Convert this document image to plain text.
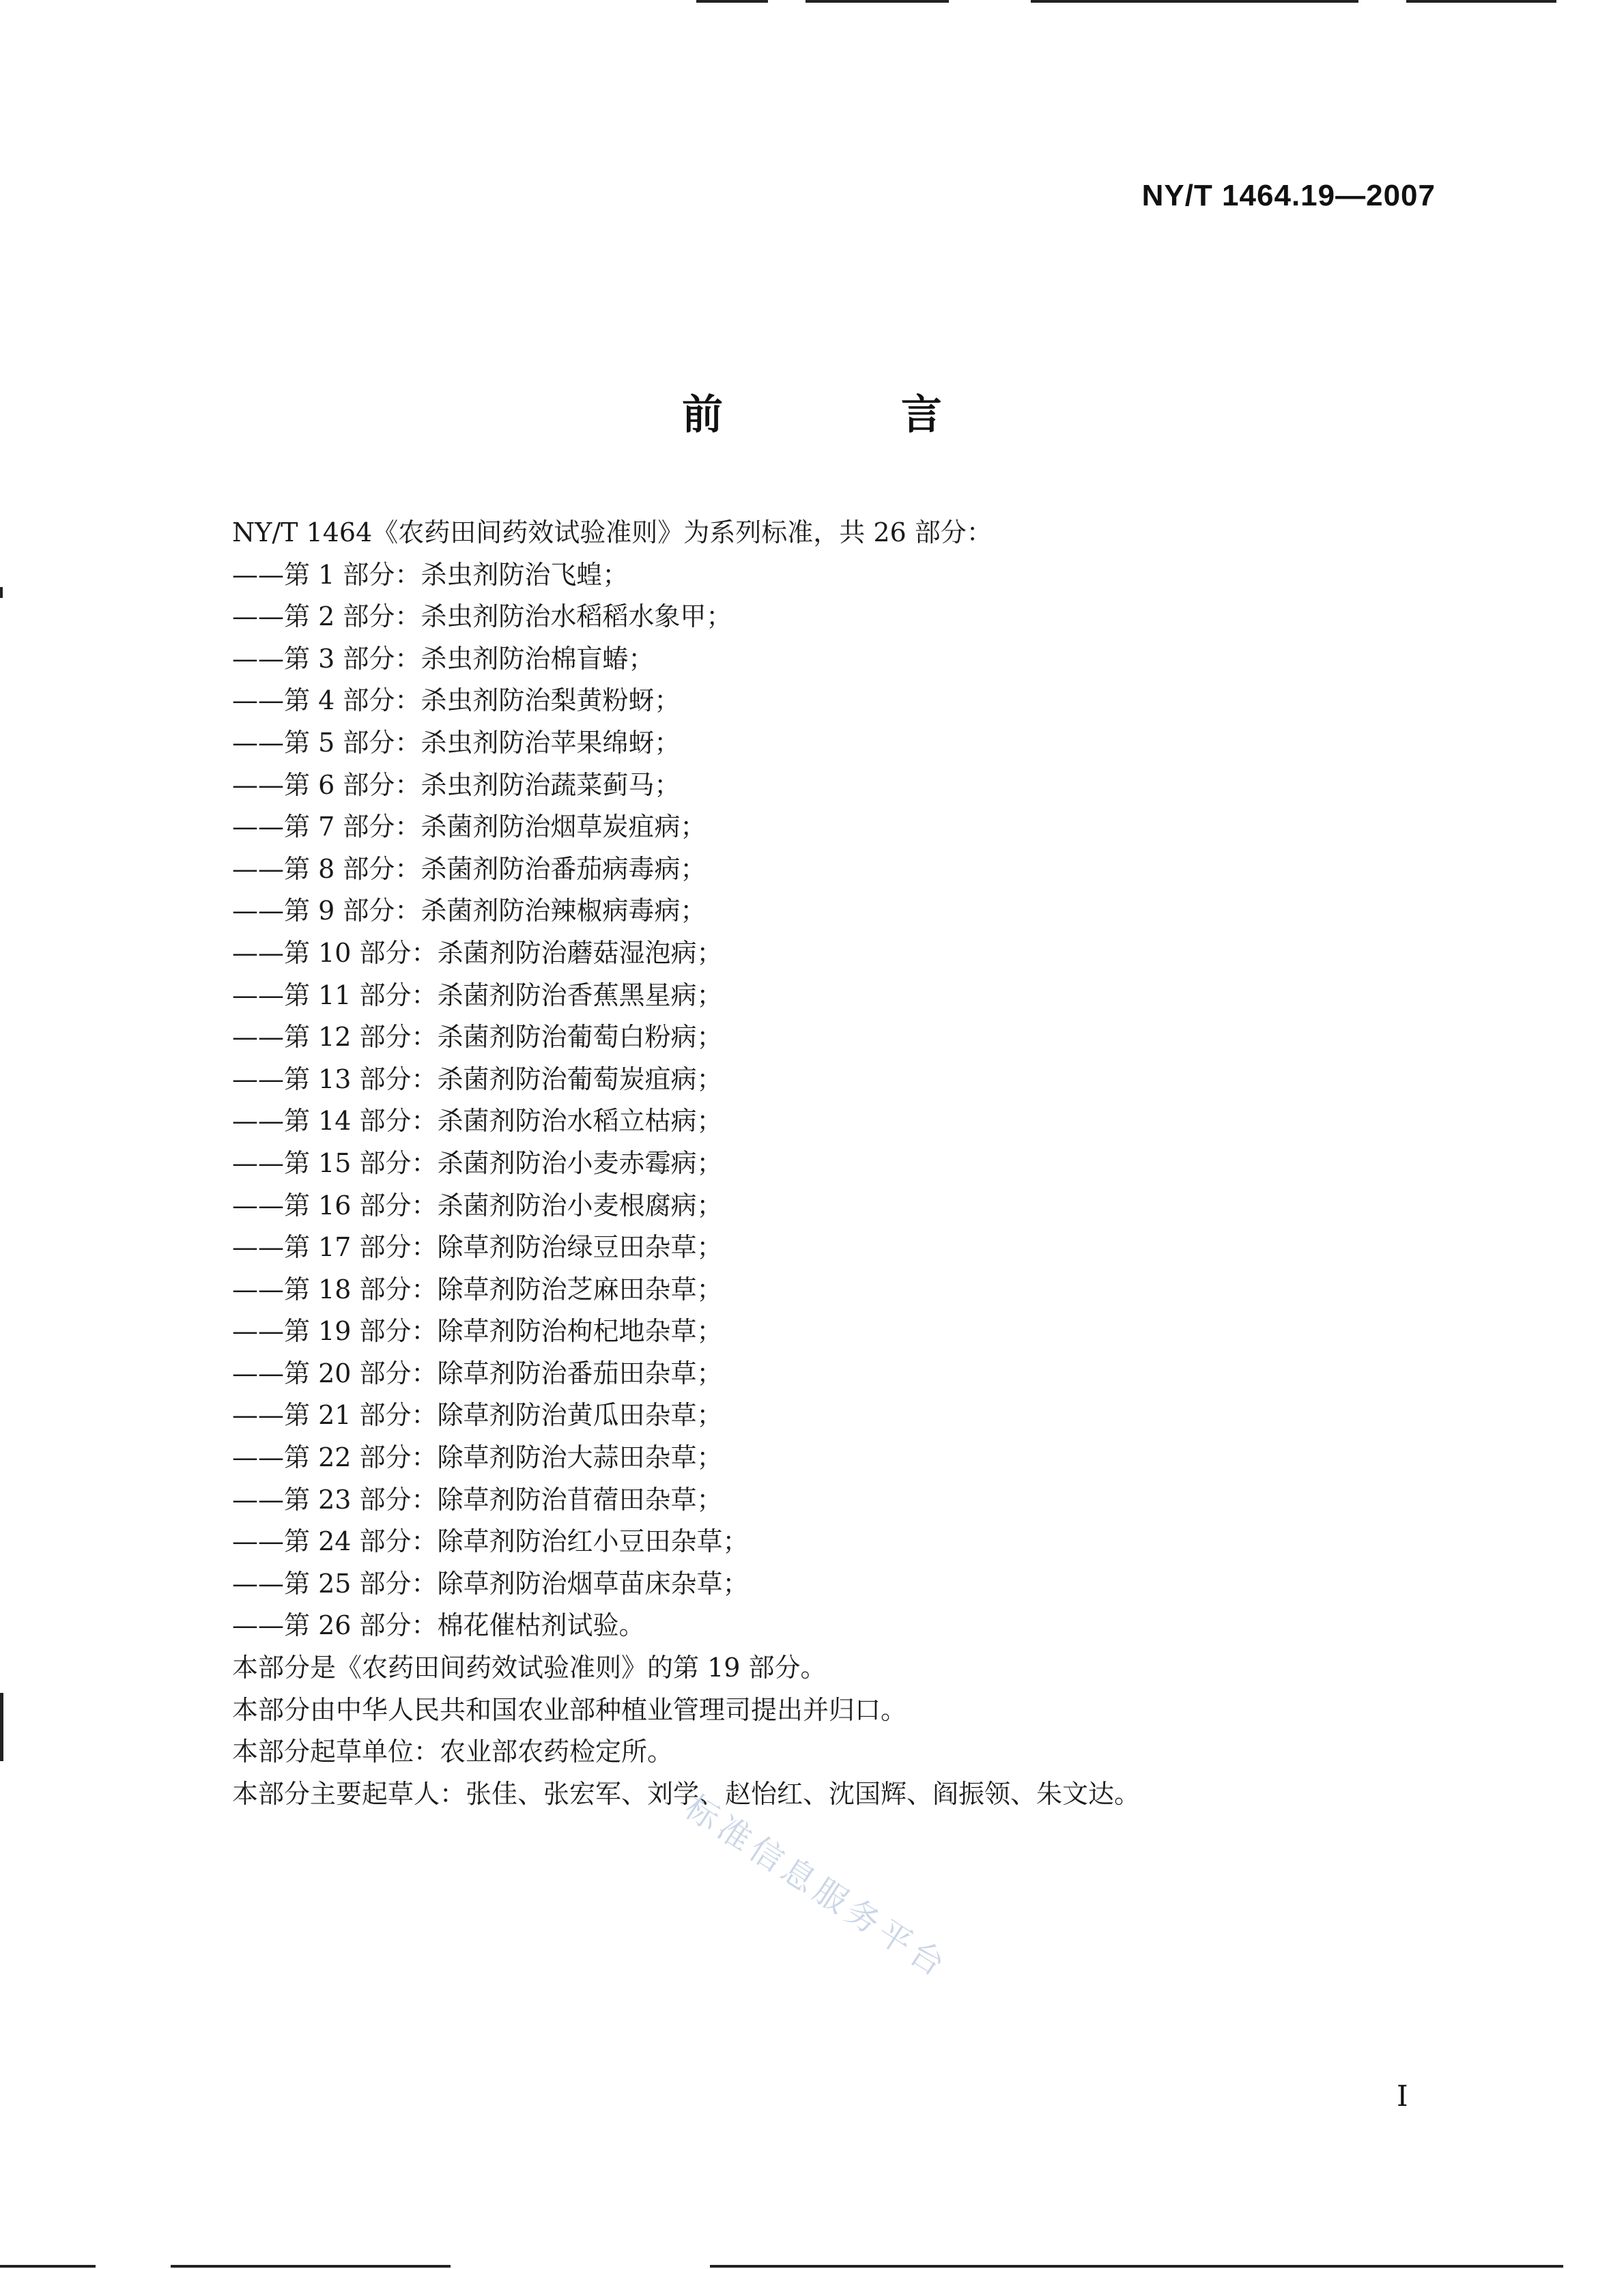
NY/T 1464.19—2007
前 言
NY/T 1464《农药田间药效试验准则》为系列标准，共 26 部分：
——第 1 部分：杀虫剂防治飞蝗；
——第 2 部分：杀虫剂防治水稻稻水象甲；
——第 3 部分：杀虫剂防治棉盲蝽；
——第 4 部分：杀虫剂防治梨黄粉蚜；
——第 5 部分：杀虫剂防治苹果绵蚜；
——第 6 部分：杀虫剂防治蔬菜蓟马；
——第 7 部分：杀菌剂防治烟草炭疽病；
——第 8 部分：杀菌剂防治番茄病毒病；
——第 9 部分：杀菌剂防治辣椒病毒病；
——第 10 部分：杀菌剂防治蘑菇湿泡病；
——第 11 部分：杀菌剂防治香蕉黑星病；
——第 12 部分：杀菌剂防治葡萄白粉病；
——第 13 部分：杀菌剂防治葡萄炭疽病；
——第 14 部分：杀菌剂防治水稻立枯病；
——第 15 部分：杀菌剂防治小麦赤霉病；
——第 16 部分：杀菌剂防治小麦根腐病；
——第 17 部分：除草剂防治绿豆田杂草；
——第 18 部分：除草剂防治芝麻田杂草；
——第 19 部分：除草剂防治枸杞地杂草；
——第 20 部分：除草剂防治番茄田杂草；
——第 21 部分：除草剂防治黄瓜田杂草；
——第 22 部分：除草剂防治大蒜田杂草；
——第 23 部分：除草剂防治苜蓿田杂草；
——第 24 部分：除草剂防治红小豆田杂草；
——第 25 部分：除草剂防治烟草苗床杂草；
——第 26 部分：棉花催枯剂试验。
本部分是《农药田间药效试验准则》的第 19 部分。
本部分由中华人民共和国农业部种植业管理司提出并归口。
本部分起草单位：农业部农药检定所。
本部分主要起草人：张佳、张宏军、刘学、赵怡红、沈国辉、阎振领、朱文达。
标准信息服务平台
I
